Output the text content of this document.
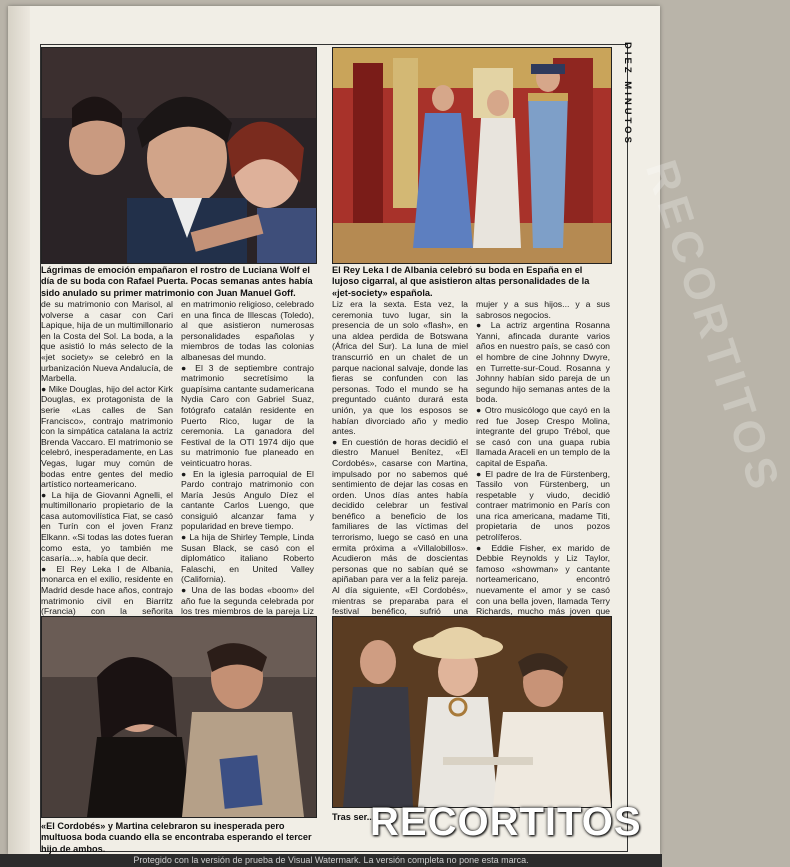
DIEZ MINUTOS

Lágrimas de emoción empañaron el rostro de Luciana Wolf el día de su boda con Rafael Puerta. Pocas semanas antes había sido anulado su primer matrimonio con Juan Manuel Goff.

El Rey Leka I de Albania celebró su boda en España en el lujoso cigarral, al que asistieron altas personalidades de la «jet-society» española.

de su matrimonio con Marisol, al volverse a casar con Cari Lapique, hija de un multimillonario en la Costa del Sol. La boda, a la que asistió lo más selecto de la «jet society» se celebró en la urbanización Nueva Andalucía, de Marbella.
● Mike Douglas, hijo del actor Kirk Douglas, ex protagonista de la serie «Las calles de San Francisco», contrajo matrimonio con la simpática catalana la actriz Brenda Vaccaro. El matrimonio se celebró, inesperadamente, en Las Vegas, lugar muy común de bodas entre gentes del medio artístico norteamericano.
● La hija de Giovanni Agnelli, el multimillonario propietario de la casa automovilística Fiat, se casó en Turín con el joven Franz Elkann. «Si todas las dotes fueran como esta, yo también me casaría...», había que decir.
● El Rey Leka I de Albania, monarca en el exilio, residente en Madrid desde hace años, contrajo matrimonio civil en Biarritz (Francia) con la señorita
en matrimonio religioso, celebrado en una finca de Illescas (Toledo), al que asistieron numerosas personalidades españolas y miembros de todas las colonias albanesas del mundo.
● El 3 de septiembre contrajo matrimonio secretísimo la guapísima cantante sudamericana Nydia Caro con Gabriel Suaz, fotógrafo catalán residente en Puerto Rico, lugar de la ceremonia. La ganadora del Festival de la OTI 1974 dijo que su matrimonio fue planeado en veinticuatro horas.
● En la iglesia parroquial de El Pardo contrajo matrimonio con María Jesús Angulo Díez el cantante Carlos Luengo, que consiguió alcanzar fama y popularidad en breve tiempo.
● La hija de Shirley Temple, Linda Susan Black, se casó con el diplomático italiano Roberto Falaschi, en United Valley (California).
● Una de las bodas «boom» del año fue la segunda celebrada por los tres miembros de la pareja Liz
Liz era la sexta. Esta vez, la ceremonia tuvo lugar, sin la presencia de un solo «flash», en una aldea perdida de Botswana (África del Sur). La luna de miel transcurrió en un chalet de un parque nacional salvaje, donde las fieras se confunden con las personas. Todo el mundo se ha preguntado cuánto durará esta unión, ya que los esposos se habían divorciado año y medio antes.
● En cuestión de horas decidió el diestro Manuel Benítez, «El Cordobés», casarse con Martina, impulsado por no sabemos qué sentimiento de dejar las cosas en orden. Unos días antes había decidido celebrar un festival benéfico a beneficio de los familiares de las víctimas del terrorismo, luego se casó en una ermita próxima a «Villalobillos». Acudieron más de doscientas personas que no sabían qué se apiñaban para ver a la feliz pareja. Al día siguiente, «El Cordobés», mientras se preparaba para el festival benéfico, sufrió una
mujer y a sus hijos... y a sus sabrosos negocios.
● La actriz argentina Rosanna Yanni, afincada durante varios años en nuestro país, se casó con el hombre de cine Johnny Dwyre, en Turrette-sur-Coud. Rosanna y Johnny habían sido pareja de un segundo hijo semanas antes de la boda.
● Otro musicólogo que cayó en la red fue Josep Crespo Molina, integrante del grupo Trébol, que se casó con una guapa rubia llamada Araceli en un templo de la capital de España.
● El padre de Ira de Fürstenberg, Tassilo von Fürstenberg, un respetable y viudo, decidió contraer matrimonio en París con una rica americana, madame Titi, propietaria de unos pozos petrolíferos.
● Eddie Fisher, ex marido de Debbie Reynolds y Liz Taylor, famoso «showman» y cantante norteamericano, encontró nuevamente el amor y se casó con una bella joven, llamada Terry Richards, mucho más joven que

«El Cordobés» y Martina celebraron su inesperada pero multuosa boda cuando ella se encontraba esperando el tercer hijo de ambos.

Tras ser...

RECORTITOS
RECORTITOS
Protegido con la versión de prueba de Visual Watermark. La versión completa no pone esta marca.
